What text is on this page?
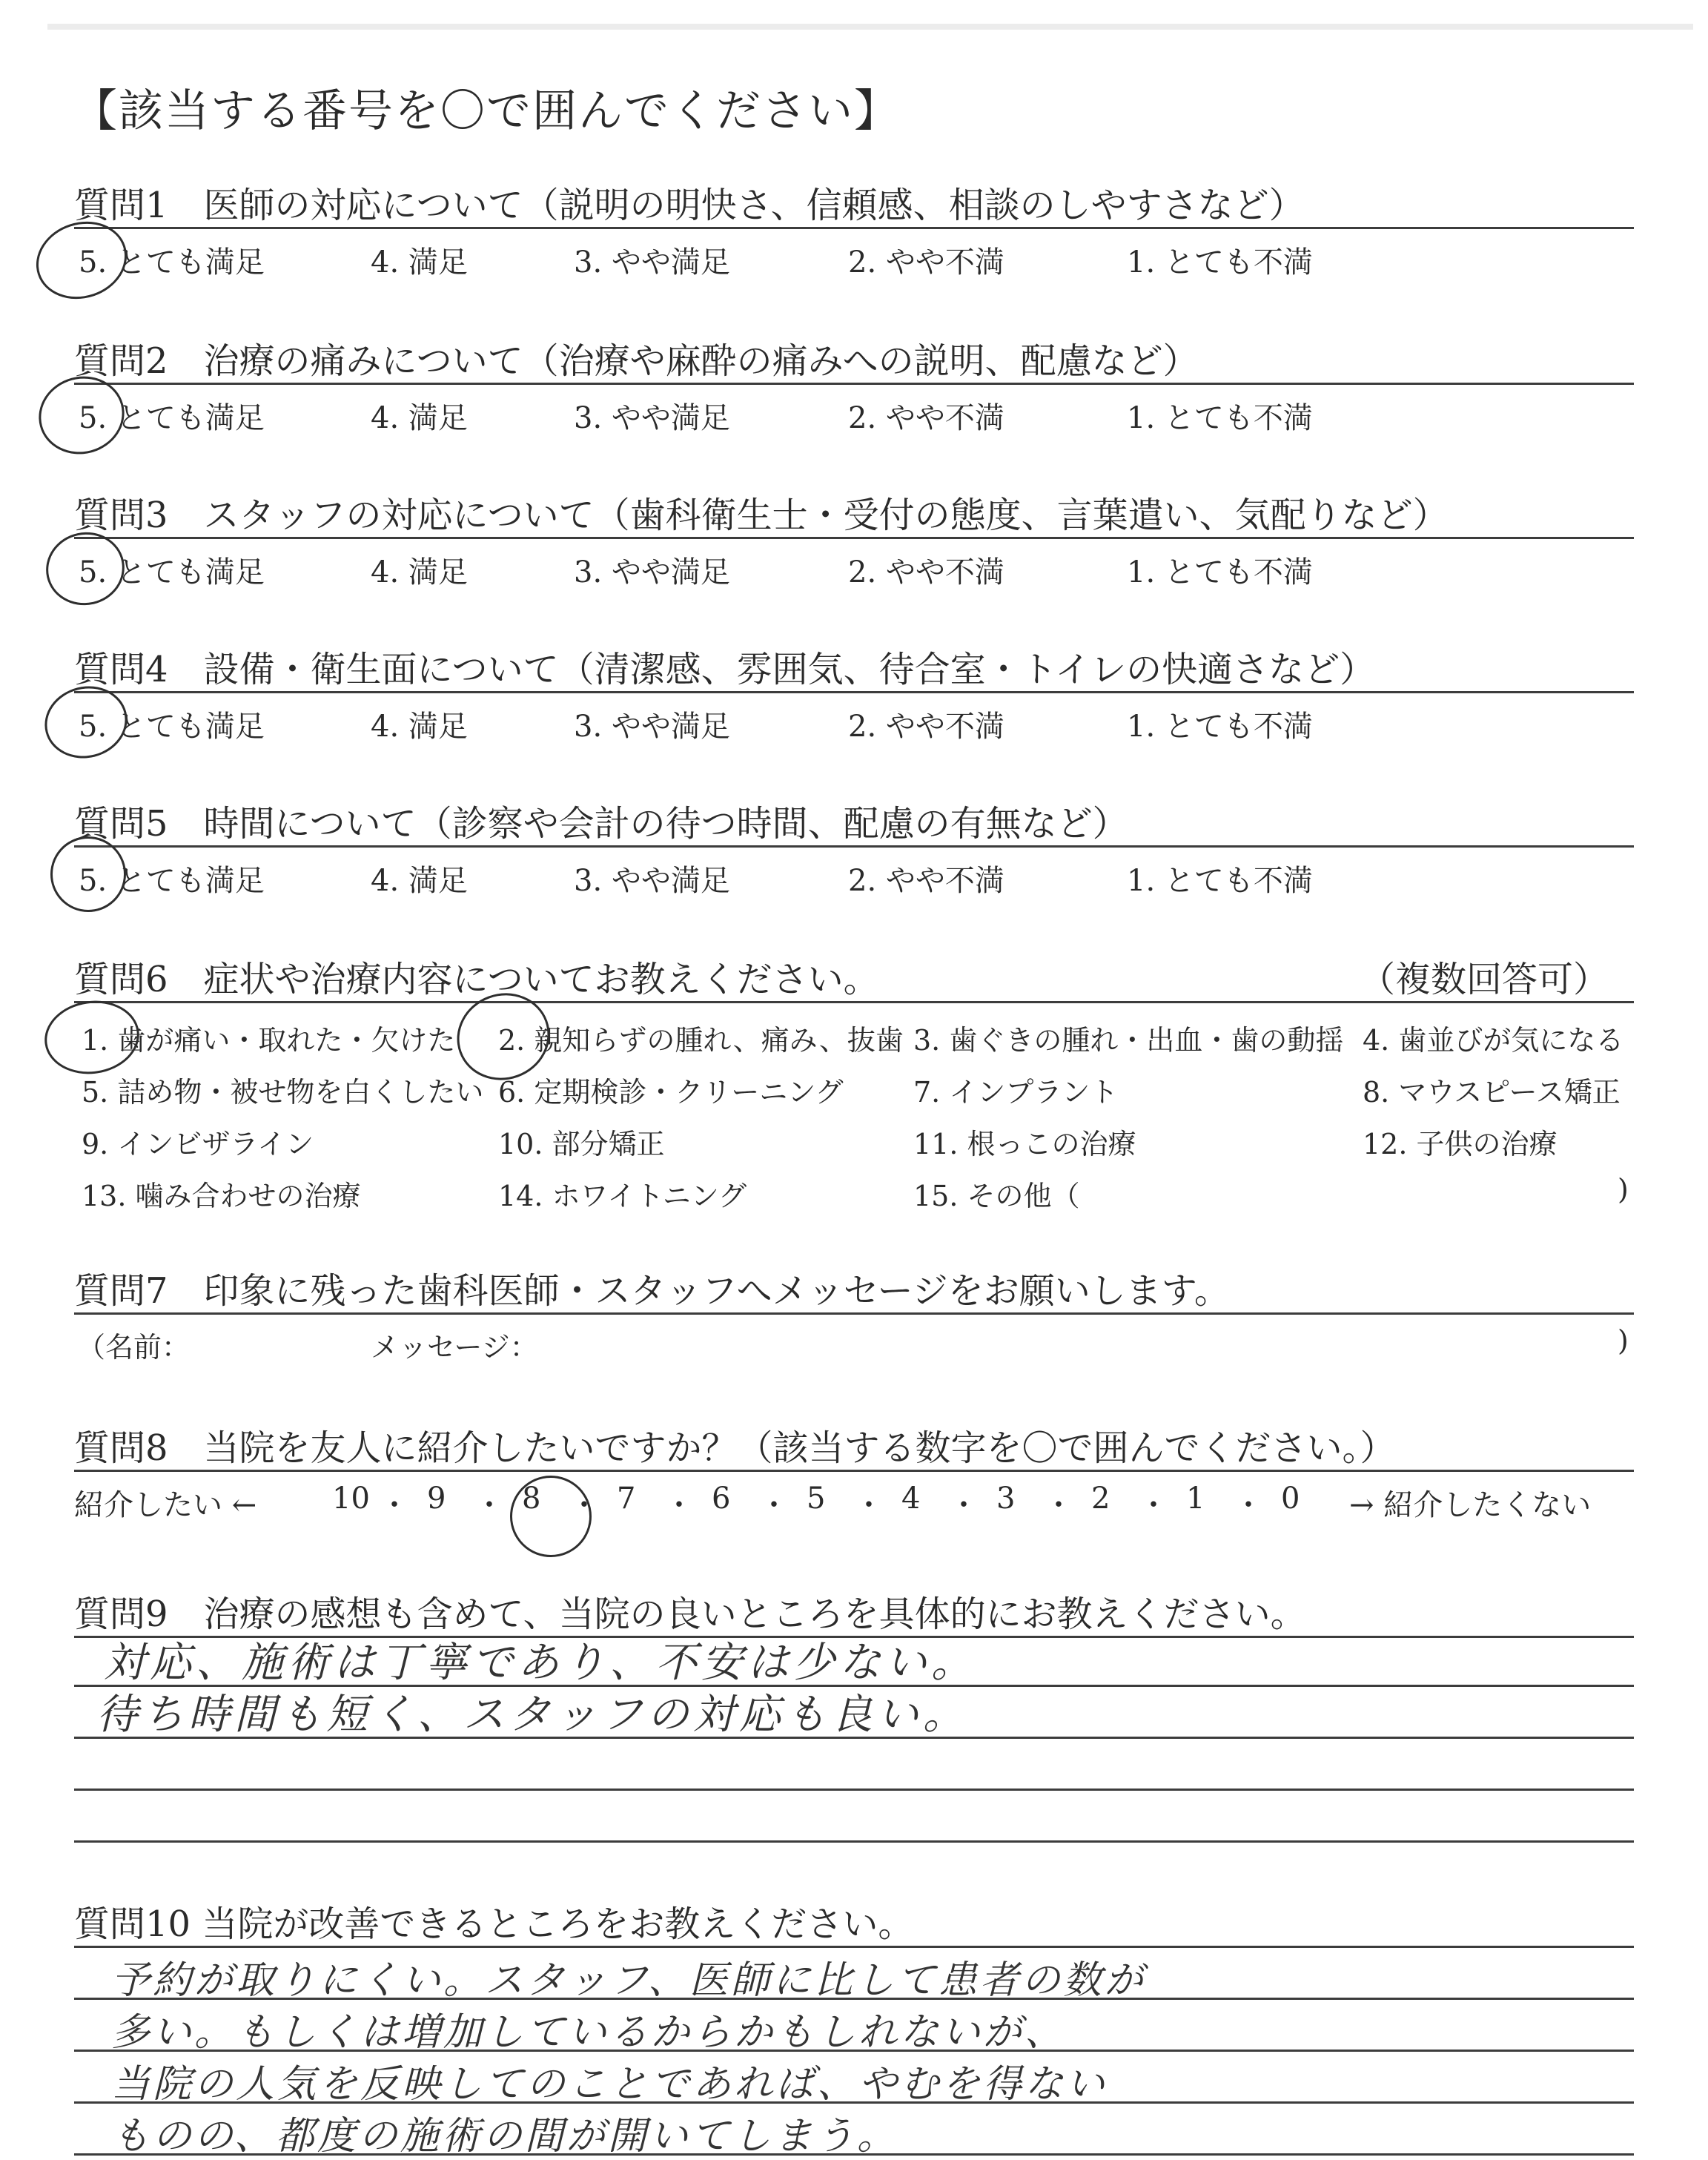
【該当する番号を〇で囲んでください】
質問1　医師の対応について（説明の明快さ、信頼感、相談のしやすさなど）
5. とても満足	4. 満足	3. やや満足	2. やや不満	1. とても不満
質問2　治療の痛みについて（治療や麻酔の痛みへの説明、配慮など）
5. とても満足	4. 満足	3. やや満足	2. やや不満	1. とても不満
質問3　スタッフの対応について（歯科衛生士・受付の態度、言葉遣い、気配りなど）
5. とても満足	4. 満足	3. やや満足	2. やや不満	1. とても不満
質問4　設備・衛生面について（清潔感、雰囲気、待合室・トイレの快適さなど）
5. とても満足	4. 満足	3. やや満足	2. やや不満	1. とても不満
質問5　時間について（診察や会計の待つ時間、配慮の有無など）
5. とても満足	4. 満足	3. やや満足	2. やや不満	1. とても不満
質問6　症状や治療内容についてお教えください。	（複数回答可）
1. 歯が痛い・取れた・欠けた 2. 親知らずの腫れ、痛み、抜歯 3. 歯ぐきの腫れ・出血・歯の動揺 4. 歯並びが気になる
5. 詰め物・被せ物を白くしたい 6. 定期検診・クリーニング 7. インプラント	8. マウスピース矯正
9. インビザライン	10. 部分矯正	11. 根っこの治療	12. 子供の治療
13. 噛み合わせの治療	14. ホワイトニング	15. その他（	)
質問7　印象に残った歯科医師・スタッフへメッセージをお願いします。
（名前：	メッセージ：	)
質問8　当院を友人に紹介したいですか？（該当する数字を〇で囲んでください。）
紹介したい ←	→ 紹介したくない
10 ・ 9 ・ 8 ・ 7 ・ 6 ・ 5 ・ 4 ・ 3 ・ 2 ・ 1 ・ 0
質問9　治療の感想も含めて、当院の良いところを具体的にお教えください。
対応、施術は丁寧であり、不安は少ない。
待ち時間も短く、スタッフの対応も良い。
質問10 当院が改善できるところをお教えください。
予約が取りにくい。スタッフ、医師に比して患者の数が
多い。もしくは増加しているからかもしれないが、
当院の人気を反映してのことであれば、やむを得ない
ものの、都度の施術の間が開いてしまう。
